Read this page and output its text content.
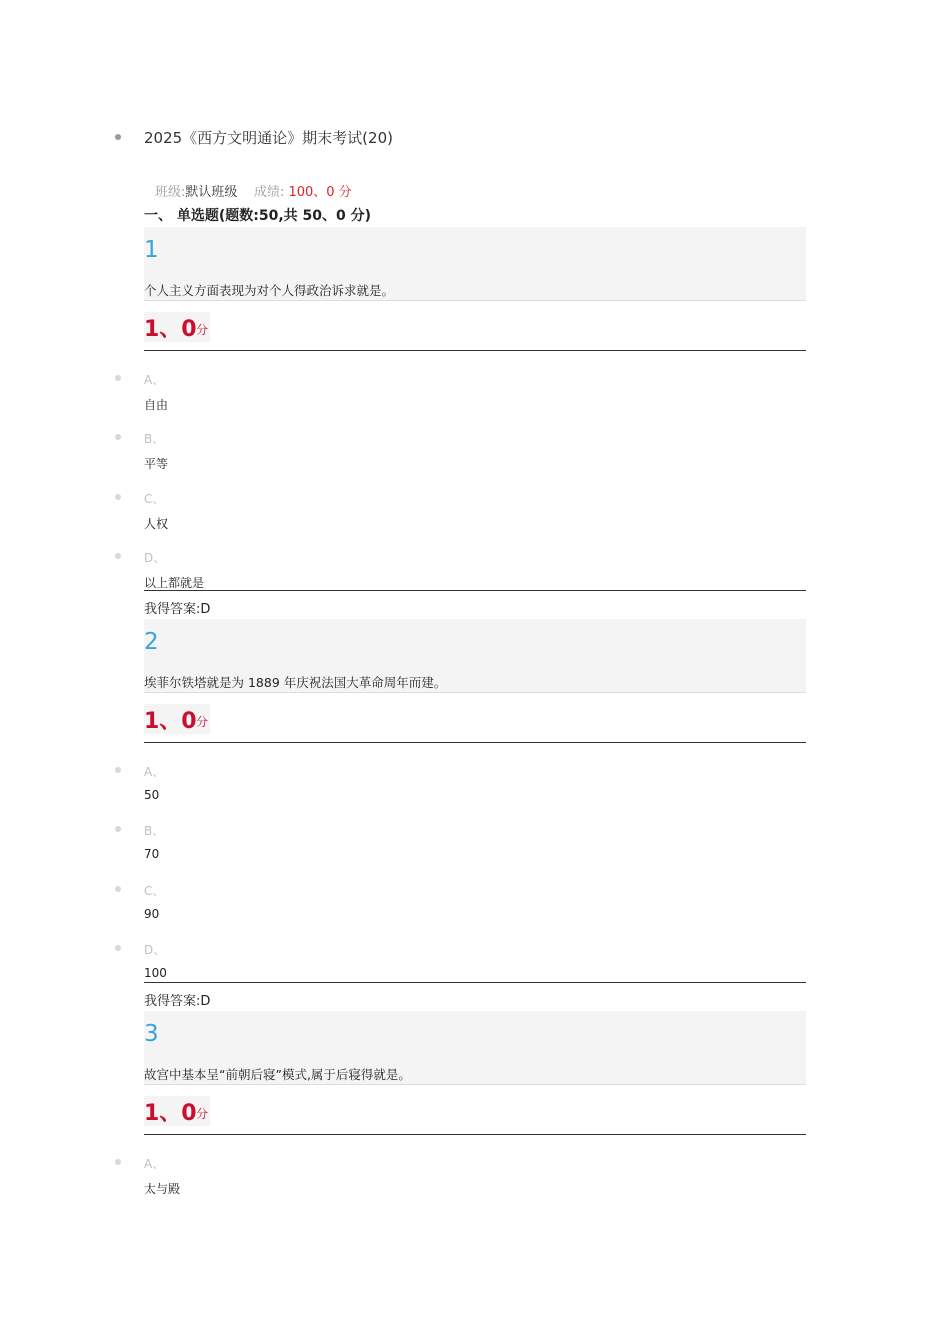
2025《西方文明通论》期末考试(20)
班级:默认班级 成绩: 100、0 分
一、 单选题(题数:50,共 50、0 分)
1
个人主义方面表现为对个人得政治诉求就是。
1、0 分
A、
自由
B、
平等
C、
人权
D、
以上都就是
我得答案:D
2
埃菲尔铁塔就是为 1889 年庆祝法国大革命周年而建。
1、0 分
A、
50
B、
70
C、
90
D、
100
我得答案:D
3
故宫中基本呈“前朝后寝”模式,属于后寝得就是。
1、0 分
A、
太与殿
